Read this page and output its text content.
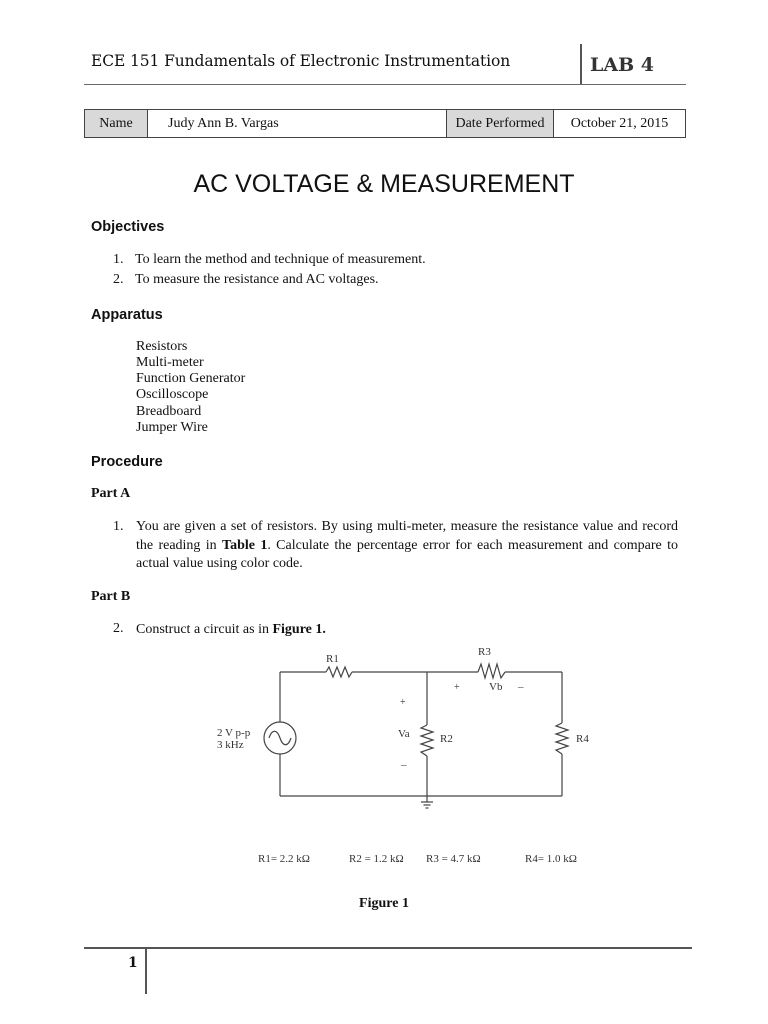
ECE 151 Fundamentals of Electronic Instrumentation	LAB 4
Name	Judy Ann B. Vargas	Date Performed	October 21, 2015
AC VOLTAGE & MEASUREMENT
Objectives
1. To learn the method and technique of measurement.
2. To measure the resistance and AC voltages.
Apparatus
Resistors
Multi-meter
Function Generator
Oscilloscope
Breadboard
Jumper Wire
Procedure
Part A
1. You are given a set of resistors. By using multi-meter, measure the resistance value and record the reading in Table 1. Calculate the percentage error for each measurement and compare to actual value using color code.
Part B
2. Construct a circuit as in Figure 1.
R1
R3
+	Vb –
+
Va
–
R2	R4
2 V p-p
3 kHz
R1= 2.2 kΩ	R2 = 1.2 kΩ R3 = 4.7 kΩ	R4= 1.0 kΩ
Figure 1
1
